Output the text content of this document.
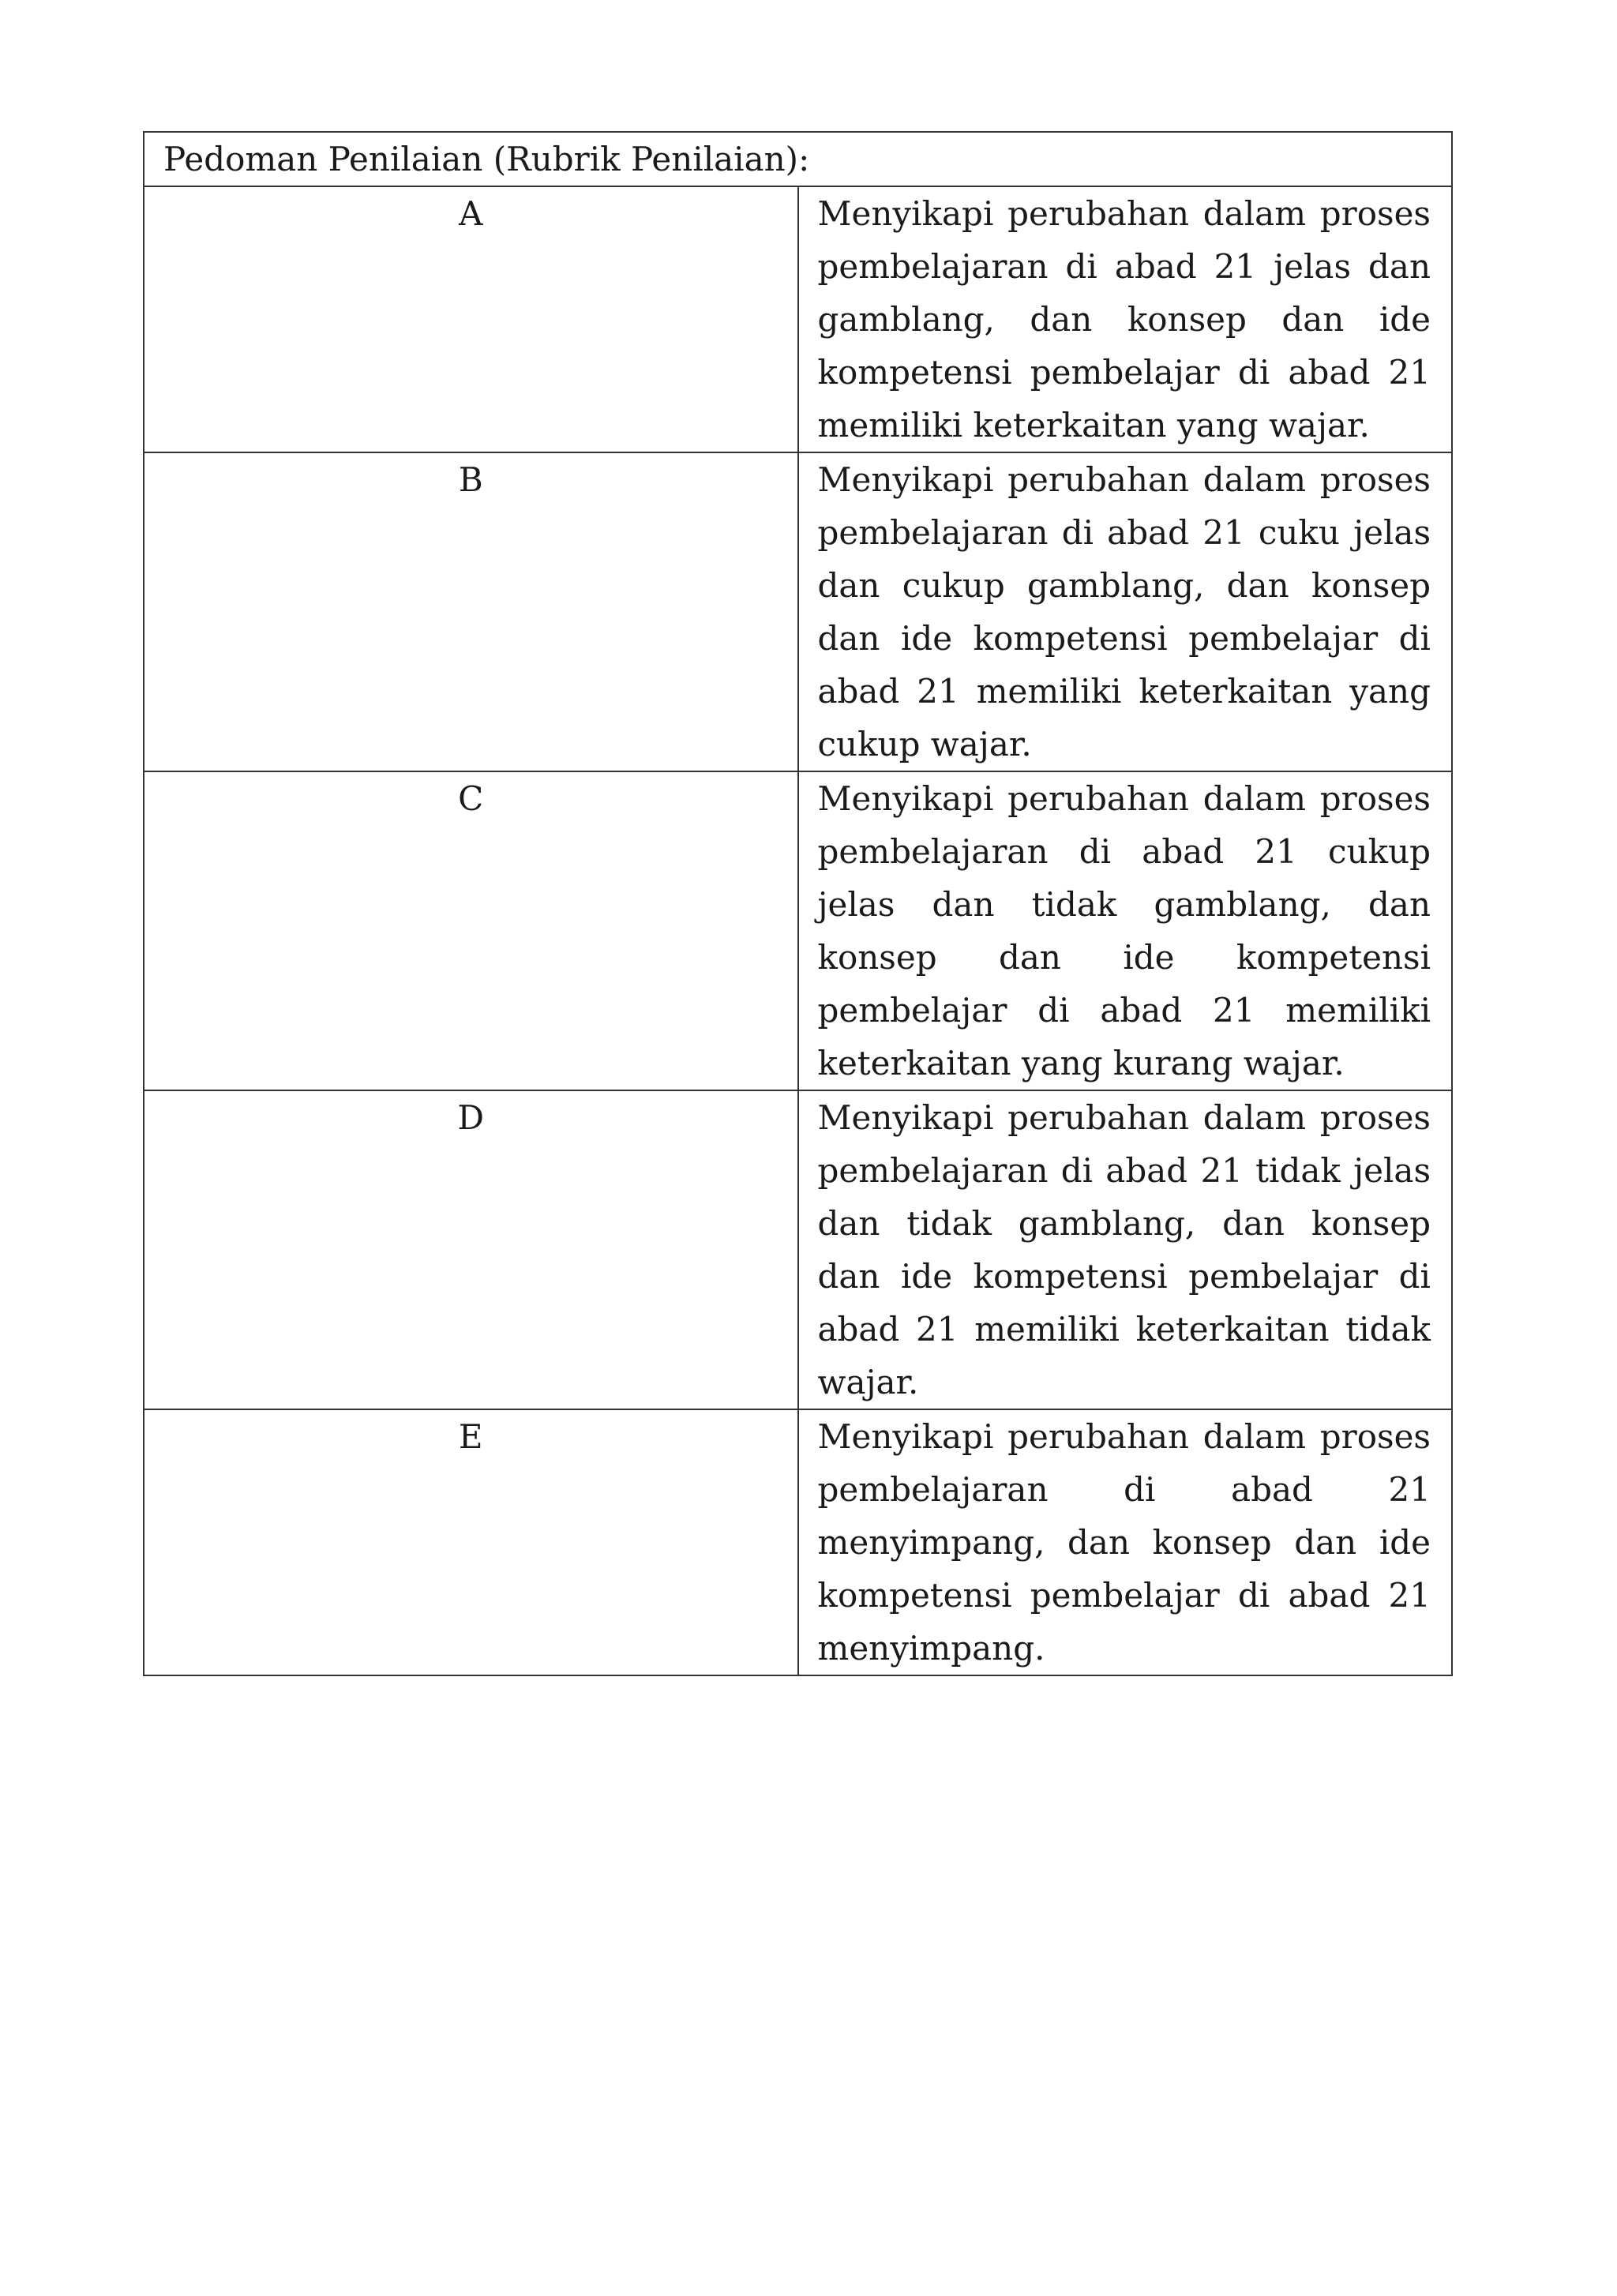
Pedoman Penilaian (Rubrik Penilaian):	
A	Menyikapi perubahan dalam proses pembelajaran di abad 21 jelas dan gamblang, dan konsep dan ide kompetensi pembelajar di abad 21 memiliki keterkaitan yang wajar.
B	Menyikapi perubahan dalam proses pembelajaran di abad 21 cuku jelas dan cukup gamblang, dan konsep dan ide kompetensi pembelajar di abad 21 memiliki keterkaitan yang cukup wajar.
C	Menyikapi perubahan dalam proses pembelajaran di abad 21 cukup jelas dan tidak gamblang, dan konsep dan ide kompetensi pembelajar di abad 21 memiliki keterkaitan yang kurang wajar.
D	Menyikapi perubahan dalam proses pembelajaran di abad 21 tidak jelas dan tidak gamblang, dan konsep dan ide kompetensi pembelajar di abad 21 memiliki keterkaitan tidak wajar.
E	Menyikapi perubahan dalam proses pembelajaran di abad 21 menyimpang, dan konsep dan ide kompetensi pembelajar di abad 21 menyimpang.
